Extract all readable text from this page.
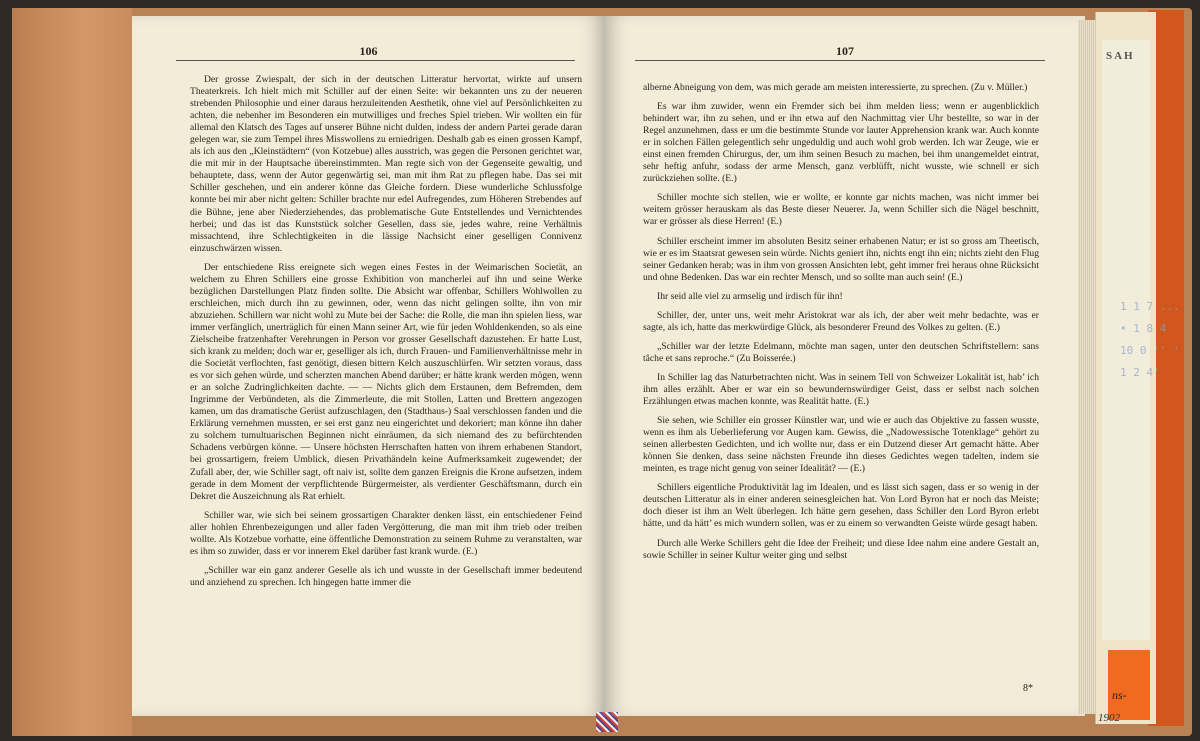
SAH
1 1 7 ...
• 1 8 4
10 0 '' '
1 2 4'
ns-
1902
106

Der grosse Zwiespalt, der sich in der deutschen Litteratur hervortat, wirkte auf unsern Theaterkreis. Ich hielt mich mit Schiller auf der einen Seite: wir bekannten uns zu der neueren strebenden Philosophie und einer daraus herzuleitenden Aesthetik, ohne viel auf Persönlichkeiten zu achten, die nebenher im Besonderen ein mutwilliges und freches Spiel trieben. Wir wollten ein für allemal den Klatsch des Tages auf unserer Bühne nicht dulden, indess der andern Partei gerade daran gelegen war, sie zum Tempel ihres Misswollens zu erniedrigen. Deshalb gab es einen grossen Kampf, als ich aus den „Kleinstädtern“ (von Kotzebue) alles ausstrich, was gegen die Personen gerichtet war, die mit mir in der Hauptsache übereinstimmten. Man regte sich von der Gegenseite gewaltig, und behauptete, dass, wenn der Autor gegenwärtig sei, man mit ihm Rat zu pflegen habe. Das sei mit Schiller geschehen, und ein anderer könne das Gleiche fordern. Diese wunderliche Schlussfolge konnte bei mir aber nicht gelten: Schiller brachte nur edel Aufregendes, zum Höheren Strebendes auf die Bühne, jene aber Niederziehendes, das problematische Gute Entstellendes und Vernichtendes herbei; und das ist das Kunststück solcher Gesellen, dass sie, jedes wahre, reine Verhältnis missachtend, ihre Schlechtigkeiten in die lässige Nachsicht einer geselligen Connivenz einzuschwärzen wissen.

Der entschiedene Riss ereignete sich wegen eines Festes in der Weimarischen Societät, an welchem zu Ehren Schillers eine grosse Exhibition von mancherlei auf ihn und seine Werke bezüglichen Darstellungen Platz finden sollte. Die Absicht war offenbar, Schillers Wohlwollen zu erschleichen, mich durch ihn zu gewinnen, oder, wenn das nicht gelingen sollte, ihn von mir abzuziehen. Schillern war nicht wohl zu Mute bei der Sache: die Rolle, die man ihn spielen liess, war immer verfänglich, unerträglich für einen Mann seiner Art, wie für jeden Wohldenkenden, so als eine Zielscheibe fratzenhafter Verehrungen in Person vor grosser Gesellschaft dazustehen. Er hatte Lust, sich krank zu melden; doch war er, geselliger als ich, durch Frauen- und Familienverhältnisse mehr in die Societät verflochten, fast genötigt, diesen bittern Kelch auszuschlürfen. Wir setzten voraus, dass es vor sich gehen würde, und scherzten manchen Abend darüber; er hätte krank werden mögen, wenn er an solche Zudringlichkeiten dachte. — — Nichts glich dem Erstaunen, dem Befremden, dem Ingrimme der Verbündeten, als die Zimmerleute, die mit Stollen, Latten und Brettern angezogen kamen, um das dramatische Gerüst aufzuschlagen, den (Stadthaus-) Saal verschlossen fanden und die Erklärung vernehmen mussten, er sei erst ganz neu eingerichtet und dekoriert; man könne ihn daher zu solchem tumultuarischen Beginnen nicht einräumen, da sich niemand des zu befürchtenden Schadens verbürgen könne. — Unsere höchsten Herrschaften hatten von ihrem erhabenen Standort, bei grossartigem, freiem Umblick, diesen Privathändeln keine Aufmerksamkeit zugewendet; der Zufall aber, der, wie Schiller sagt, oft naiv ist, sollte dem ganzen Ereignis die Krone aufsetzen, indem gerade in dem Moment der verpflichtende Bürgermeister, als verdienter Geschäftsmann, durch ein Dekret die Auszeichnung als Rat erhielt.

Schiller war, wie sich bei seinem grossartigen Charakter denken lässt, ein entschiedener Feind aller hohlen Ehrenbezeigungen und aller faden Vergötterung, die man mit ihm trieb oder treiben wollte. Als Kotzebue vorhatte, eine öffentliche Demonstration zu seinem Ruhme zu veranstalten, war es ihm so zuwider, dass er vor innerem Ekel darüber fast krank wurde. (E.)

„Schiller war ein ganz anderer Geselle als ich und wusste in der Gesellschaft immer bedeutend und anziehend zu sprechen. Ich hingegen hatte immer die

107

alberne Abneigung von dem, was mich gerade am meisten interessierte, zu sprechen. (Zu v. Müller.)

Es war ihm zuwider, wenn ein Fremder sich bei ihm melden liess; wenn er augenblicklich behindert war, ihn zu sehen, und er ihn etwa auf den Nachmittag vier Uhr bestellte, so war in der Regel anzunehmen, dass er um die bestimmte Stunde vor lauter Apprehension krank war. Auch konnte er in solchen Fällen gelegentlich sehr ungeduldig und auch wohl grob werden. Ich war Zeuge, wie er einst einen fremden Chirurgus, der, um ihm seinen Besuch zu machen, bei ihm unangemeldet eintrat, sehr heftig anfuhr, sodass der arme Mensch, ganz verblüfft, nicht wusste, wie schnell er sich zurückziehen sollte. (E.)

Schiller mochte sich stellen, wie er wollte, er konnte gar nichts machen, was nicht immer bei weitem grösser herauskam als das Beste dieser Neuerer. Ja, wenn Schiller sich die Nägel beschnitt, war er grösser als diese Herren! (E.)

Schiller erscheint immer im absoluten Besitz seiner erhabenen Natur; er ist so gross am Theetisch, wie er es im Staatsrat gewesen sein würde. Nichts geniert ihn, nichts engt ihn ein; nichts zieht den Flug seiner Gedanken herab; was in ihm von grossen Ansichten lebt, geht immer frei heraus ohne Rücksicht und ohne Bedenken. Das war ein rechter Mensch, und so sollte man auch sein! (E.)

Ihr seid alle viel zu armselig und irdisch für ihn!

Schiller, der, unter uns, weit mehr Aristokrat war als ich, der aber weit mehr bedachte, was er sagte, als ich, hatte das merkwürdige Glück, als besonderer Freund des Volkes zu gelten. (E.)

„Schiller war der letzte Edelmann, möchte man sagen, unter den deutschen Schriftstellern: sans tâche et sans reproche.“ (Zu Boisserée.)

In Schiller lag das Naturbetrachten nicht. Was in seinem Tell von Schweizer Lokalität ist, hab’ ich ihm alles erzählt. Aber er war ein so bewundernswürdiger Geist, dass er selbst nach solchen Erzählungen etwas machen konnte, was Realität hatte. (E.)

Sie sehen, wie Schiller ein grosser Künstler war, und wie er auch das Objektive zu fassen wusste, wenn es ihm als Ueberlieferung vor Augen kam. Gewiss, die „Nadowessische Totenklage“ gehört zu seinen allerbesten Gedichten, und ich wollte nur, dass er ein Dutzend dieser Art gemacht hätte. Aber können Sie denken, dass seine nächsten Freunde ihn dieses Gedichtes wegen tadelten, indem sie meinten, es trage nicht genug von seiner Idealität? — (E.)

Schillers eigentliche Produktivität lag im Idealen, und es lässt sich sagen, dass er so wenig in der deutschen Litteratur als in einer anderen seinesgleichen hat. Von Lord Byron hat er noch das Meiste; doch dieser ist ihm an Welt überlegen. Ich hätte gern gesehen, dass Schiller den Lord Byron erlebt hätte, und da hätt’ es mich wundern sollen, was er zu einem so verwandten Geiste würde gesagt haben.

Durch alle Werke Schillers geht die Idee der Freiheit; und diese Idee nahm eine andere Gestalt an, sowie Schiller in seiner Kultur weiter ging und selbst

8*
